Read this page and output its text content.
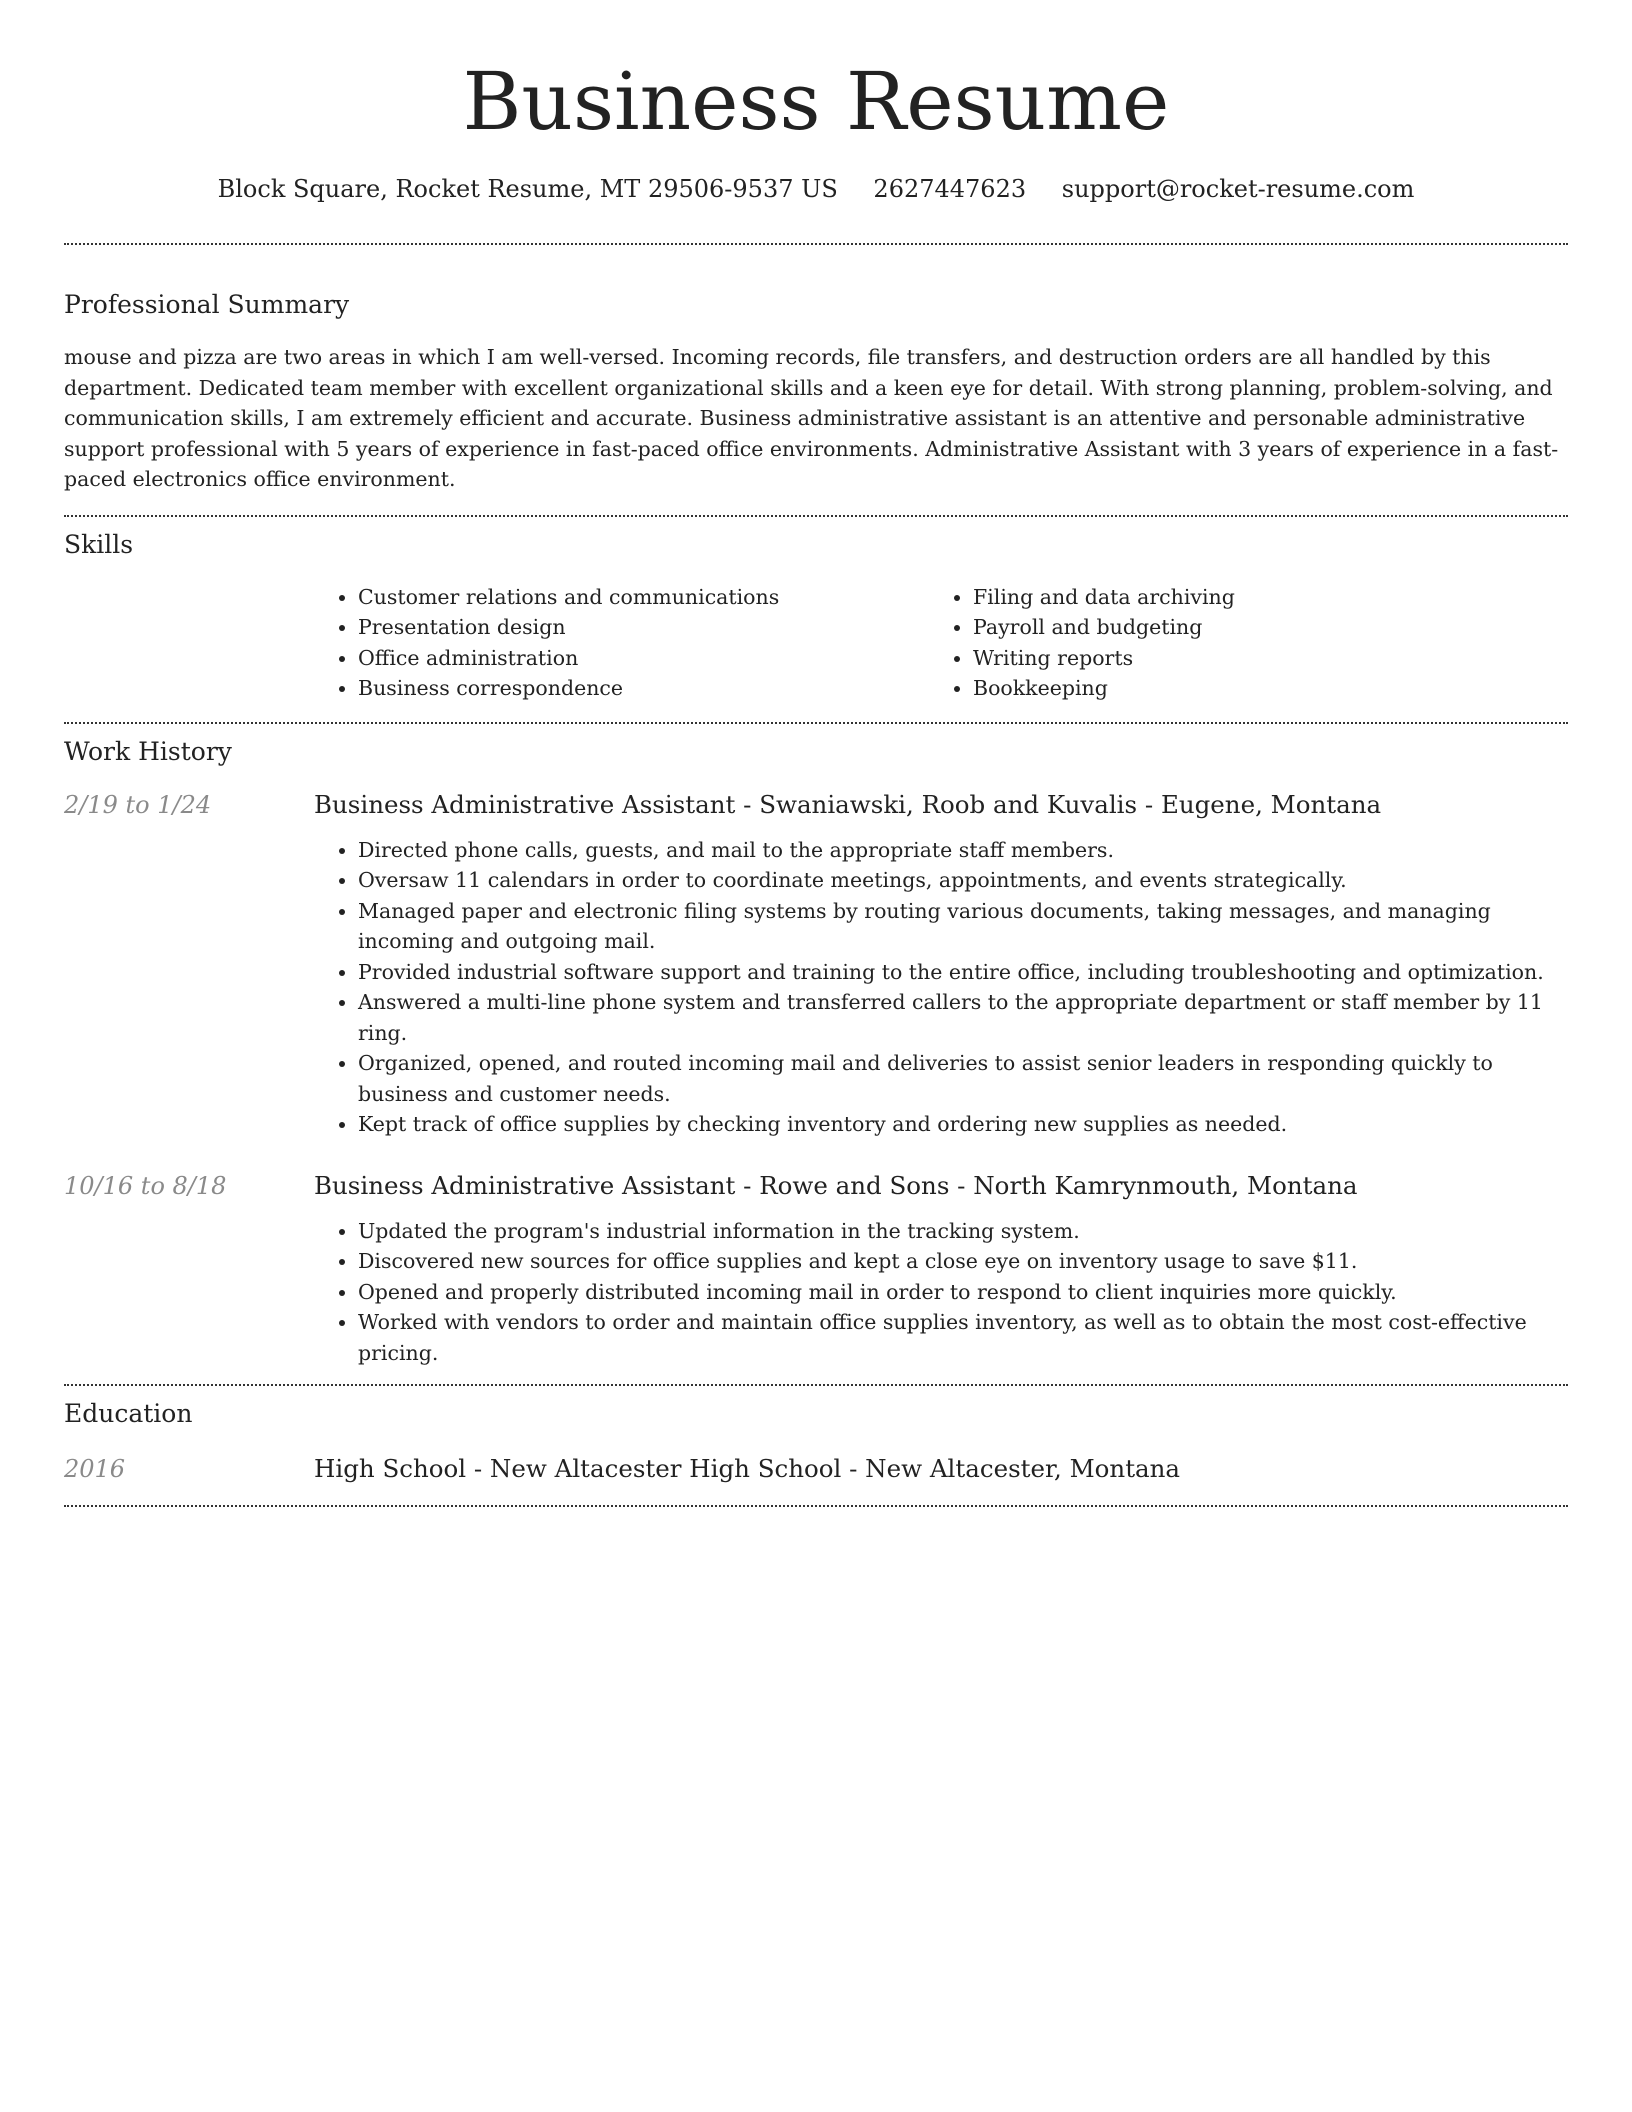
Business Resume
Block Square, Rocket Resume, MT 29506-9537 US 2627447623 support@rocket-resume.com
Professional Summary

mouse and pizza are two areas in which I am well-versed. Incoming records, file transfers, and destruction orders are all handled by this department. Dedicated team member with excellent organizational skills and a keen eye for detail. With strong planning, problem-solving, and communication skills, I am extremely efficient and accurate. Business administrative assistant is an attentive and personable administrative support professional with 5 years of experience in fast-paced office environments. Administrative Assistant with 3 years of experience in a fast-paced electronics office environment.

Skills
• Customer relations and communications
• Presentation design
• Office administration
• Business correspondence
• Filing and data archiving
• Payroll and budgeting
• Writing reports
• Bookkeeping
Work History
2/19 to 1/24	Business Administrative Assistant - Swaniawski, Roob and Kuvalis - Eugene, Montana
• Directed phone calls, guests, and mail to the appropriate staff members.
• Oversaw 11 calendars in order to coordinate meetings, appointments, and events strategically.
• Managed paper and electronic filing systems by routing various documents, taking messages, and managing incoming and outgoing mail.
• Provided industrial software support and training to the entire office, including troubleshooting and optimization.
• Answered a multi-line phone system and transferred callers to the appropriate department or staff member by 11 ring.
• Organized, opened, and routed incoming mail and deliveries to assist senior leaders in responding quickly to business and customer needs.
• Kept track of office supplies by checking inventory and ordering new supplies as needed.
10/16 to 8/18	Business Administrative Assistant - Rowe and Sons - North Kamrynmouth, Montana
• Updated the program's industrial information in the tracking system.
• Discovered new sources for office supplies and kept a close eye on inventory usage to save $11.
• Opened and properly distributed incoming mail in order to respond to client inquiries more quickly.
• Worked with vendors to order and maintain office supplies inventory, as well as to obtain the most cost-effective pricing.
Education
2016	High School - New Altacester High School - New Altacester, Montana
